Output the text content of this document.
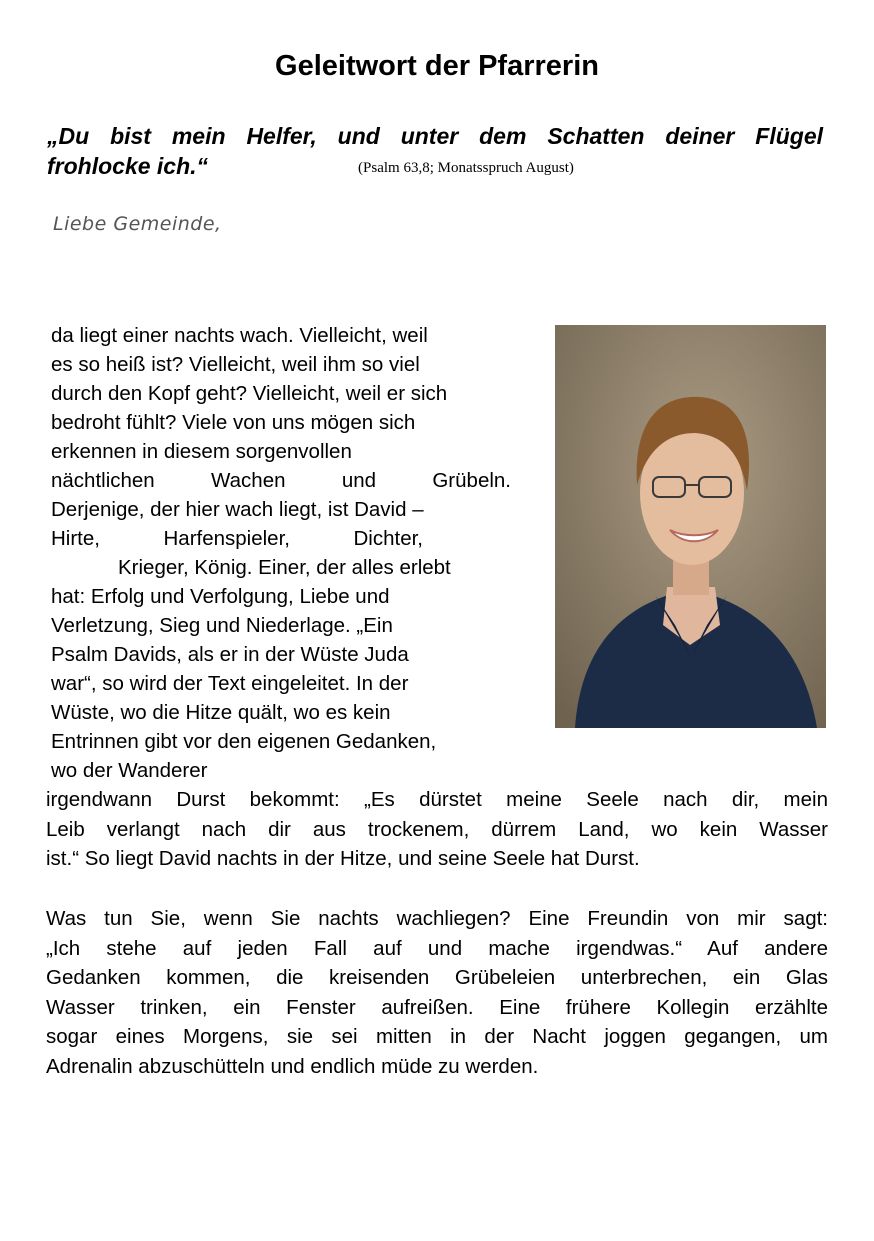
Geleitwort der Pfarrerin
„Du bist mein Helfer, und unter dem Schatten deiner Flügel
frohlocke ich.“	(Psalm 63,8; Monatsspruch August)
Liebe Gemeinde,
da liegt einer nachts wach. Vielleicht, weil
es so heiß ist? Vielleicht, weil ihm so viel
durch den Kopf geht? Vielleicht, weil er sich
bedroht fühlt? Viele von uns mögen sich
erkennen in diesem sorgenvollen
nächtlichen Wachen und Grübeln.
Derjenige, der hier wach liegt, ist David –
Hirte, Harfenspieler, Dichter,
Krieger, König. Einer, der alles erlebt
hat: Erfolg und Verfolgung, Liebe und
Verletzung, Sieg und Niederlage. „Ein
Psalm Davids, als er in der Wüste Juda
war“, so wird der Text eingeleitet. In der
Wüste, wo die Hitze quält, wo es kein
Entrinnen gibt vor den eigenen Gedanken,
wo der Wanderer
irgendwann Durst bekommt: „Es dürstet meine Seele nach dir, mein
Leib verlangt nach dir aus trockenem, dürrem Land, wo kein Wasser
ist.“ So liegt David nachts in der Hitze, und seine Seele hat Durst.
Was tun Sie, wenn Sie nachts wachliegen? Eine Freundin von mir sagt:
„Ich stehe auf jeden Fall auf und mache irgendwas.“ Auf andere
Gedanken kommen, die kreisenden Grübeleien unterbrechen, ein Glas
Wasser trinken, ein Fenster aufreißen. Eine frühere Kollegin erzählte
sogar eines Morgens, sie sei mitten in der Nacht joggen gegangen, um
Adrenalin abzuschütteln und endlich müde zu werden.
